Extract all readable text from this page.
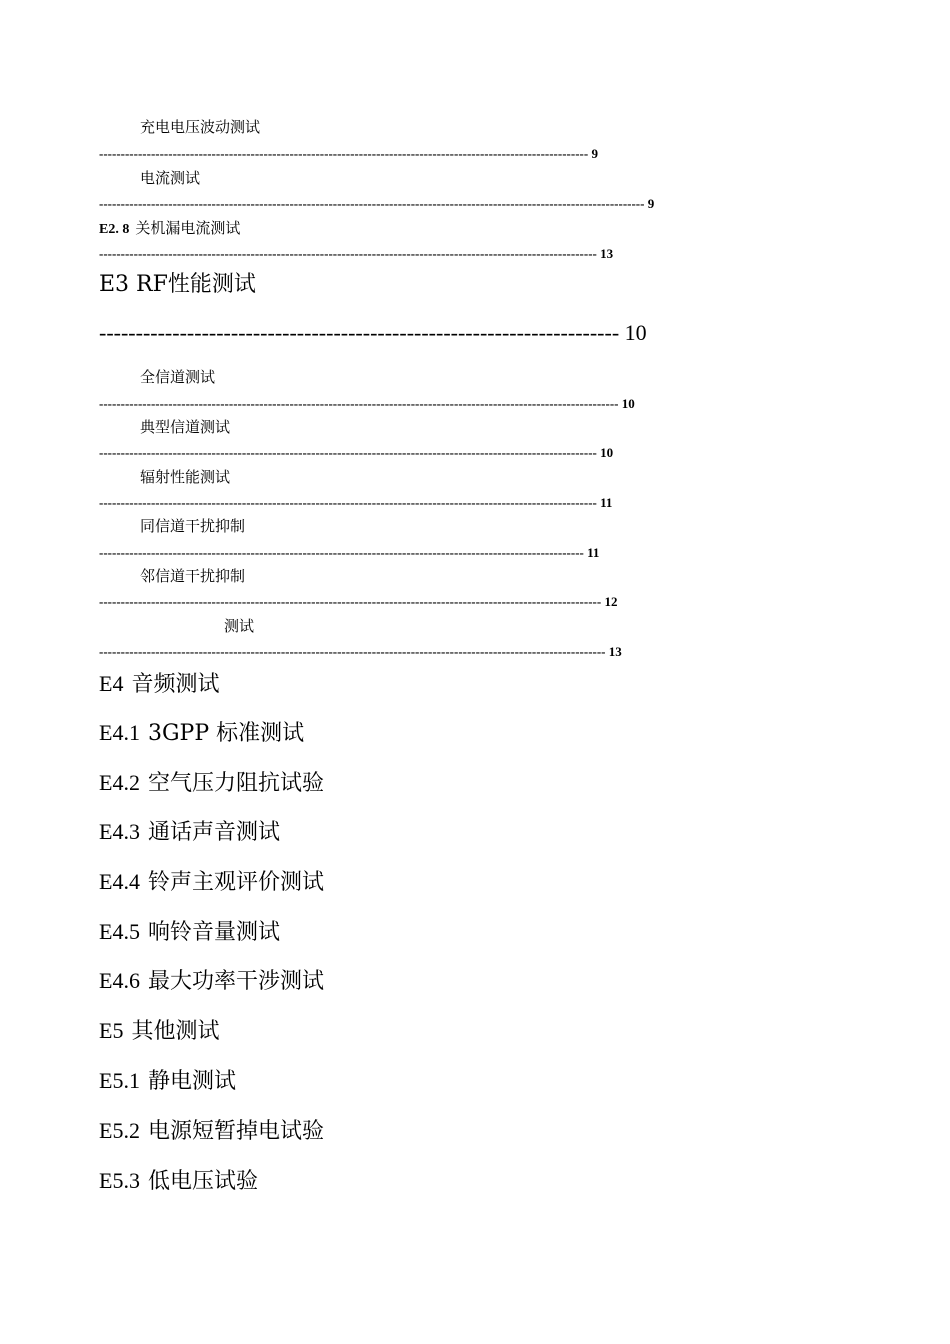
充电电压波动测试
----------------------------------------------------------------------------------------------------------------- 9
电流测试
------------------------------------------------------------------------------------------------------------------------------ 9
E2. 8 关机漏电流测试
------------------------------------------------------------------------------------------------------------------- 13
E3 RF性能测试
----------------------------------------------------------------------- 10
全信道测试
------------------------------------------------------------------------------------------------------------------------ 10
典型信道测试
------------------------------------------------------------------------------------------------------------------- 10
辐射性能测试
------------------------------------------------------------------------------------------------------------------- 11
同信道干扰抑制
---------------------------------------------------------------------------------------------------------------- 11
邻信道干扰抑制
-------------------------------------------------------------------------------------------------------------------- 12
测试
--------------------------------------------------------------------------------------------------------------------- 13
E4 音频测试
E4.1 3GPP 标准测试
E4.2 空气压力阻抗试验
E4.3 通话声音测试
E4.4 铃声主观评价测试
E4.5 响铃音量测试
E4.6 最大功率干涉测试
E5 其他测试
E5.1 静电测试
E5.2 电源短暂掉电试验
E5.3 低电压试验
